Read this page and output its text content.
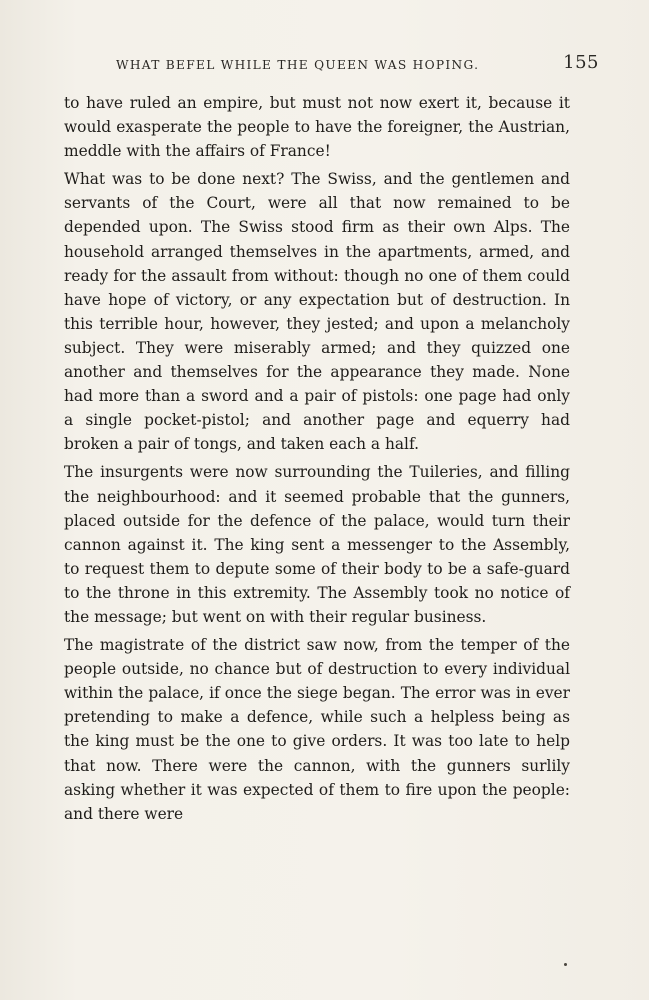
WHAT BEFEL WHILE THE QUEEN WAS HOPING.	155

to have ruled an empire, but must not now exert it, because it would exasperate the people to have the foreigner, the Austrian, meddle with the affairs of France!

What was to be done next? The Swiss, and the gentlemen and servants of the Court, were all that now remained to be depended upon. The Swiss stood firm as their own Alps. The household arranged themselves in the apartments, armed, and ready for the assault from without: though no one of them could have hope of victory, or any expectation but of destruction. In this terrible hour, however, they jested; and upon a melancholy subject. They were miserably armed; and they quizzed one another and themselves for the appearance they made. None had more than a sword and a pair of pistols: one page had only a single pocket-pistol; and another page and equerry had broken a pair of tongs, and taken each a half.

The insurgents were now surrounding the Tuileries, and filling the neighbourhood: and it seemed probable that the gunners, placed outside for the defence of the palace, would turn their cannon against it. The king sent a messenger to the Assembly, to request them to depute some of their body to be a safe-guard to the throne in this extremity. The Assembly took no notice of the message; but went on with their regular business.

The magistrate of the district saw now, from the temper of the people outside, no chance but of destruction to every individual within the palace, if once the siege began. The error was in ever pretending to make a defence, while such a helpless being as the king must be the one to give orders. It was too late to help that now. There were the cannon, with the gunners surlily asking whether it was expected of them to fire upon the people: and there were
